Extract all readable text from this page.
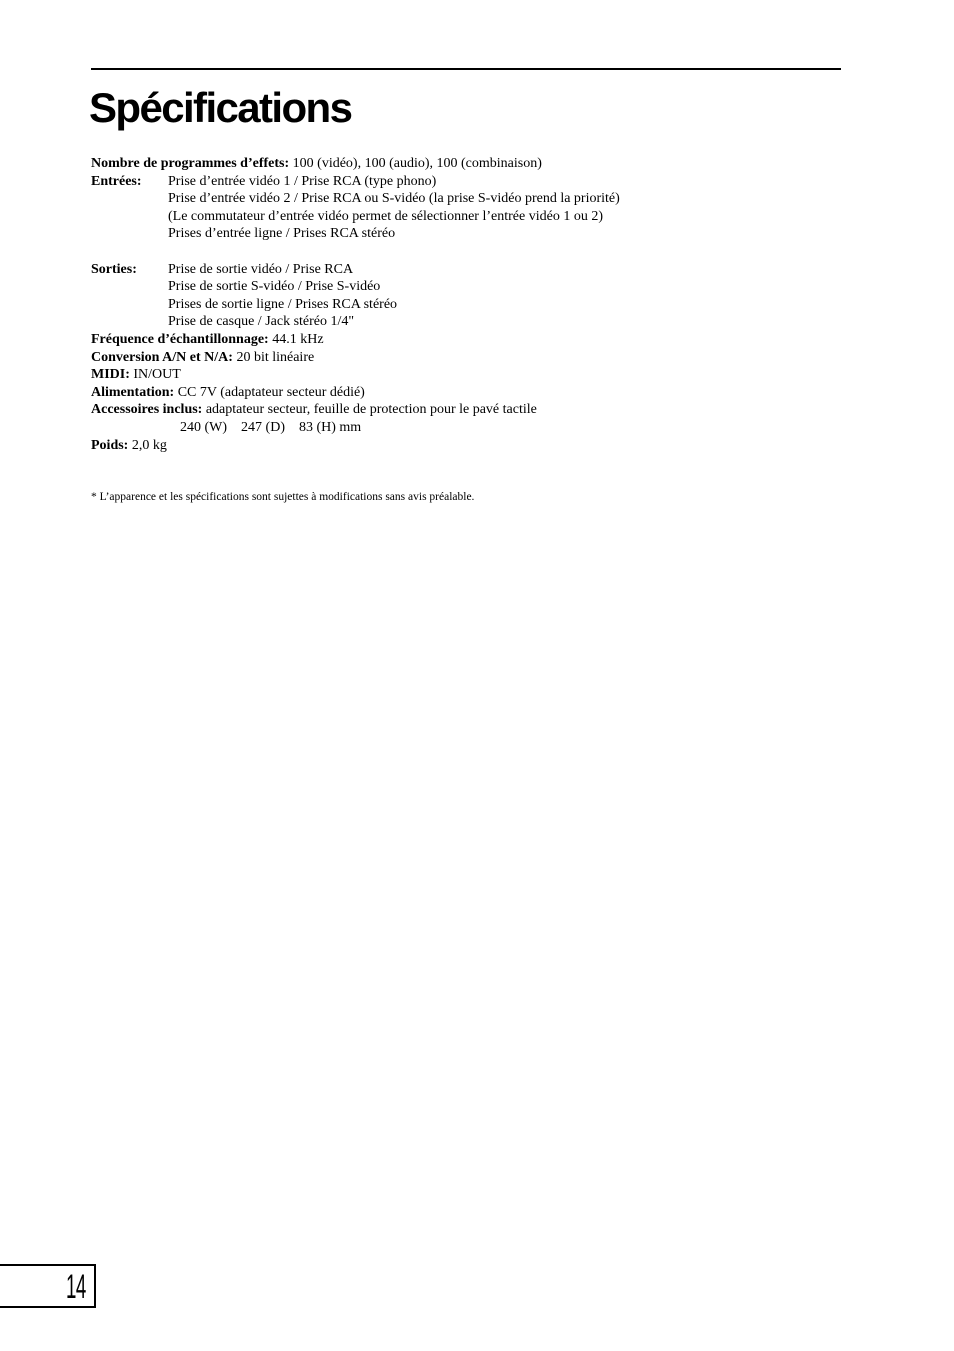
Spécifications
Nombre de programmes d’effets: 100 (vidéo), 100 (audio), 100 (combinaison)
Entrées: Prise d’entrée vidéo 1 / Prise RCA (type phono)
Prise d’entrée vidéo 2 / Prise RCA ou S-vidéo (la prise S-vidéo prend la priorité)
(Le commutateur d’entrée vidéo permet de sélectionner l’entrée vidéo 1 ou 2)
Prises d’entrée ligne / Prises RCA stéréo
Sorties: Prise de sortie vidéo / Prise RCA
Prise de sortie S-vidéo / Prise S-vidéo
Prises de sortie ligne / Prises RCA stéréo
Prise de casque / Jack stéréo 1/4"
Fréquence d’échantillonnage: 44.1 kHz
Conversion A/N et N/A: 20 bit linéaire
MIDI: IN/OUT
Alimentation: CC 7V (adaptateur secteur dédié)
Accessoires inclus: adaptateur secteur, feuille de protection pour le pavé tactile
240 (W) 247 (D) 83 (H) mm
Poids: 2,0 kg
* L’apparence et les spécifications sont sujettes à modifications sans avis préalable.
14
